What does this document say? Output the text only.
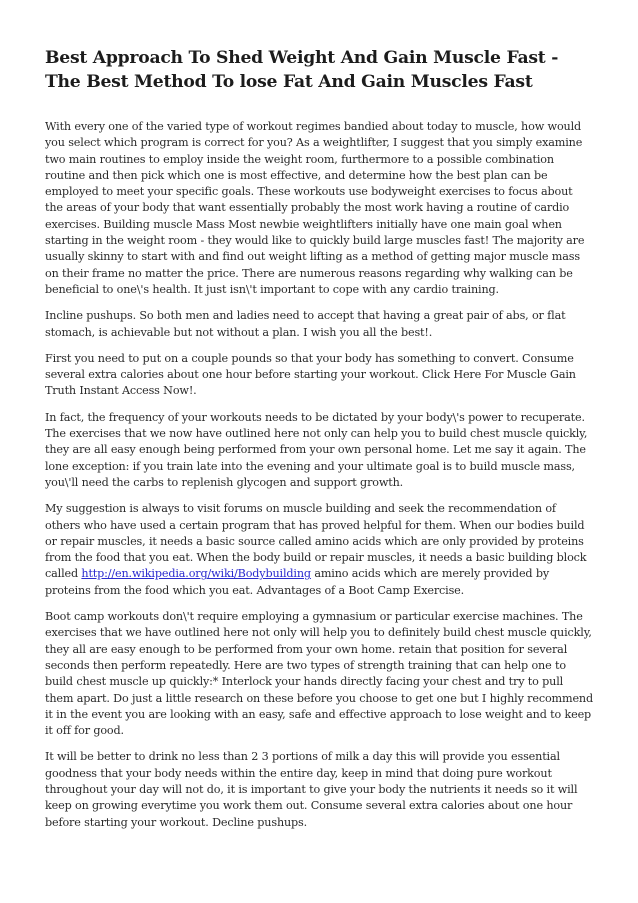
Best Approach To Shed Weight And Gain Muscle Fast - The Best Method To lose Fat And Gain Muscles Fast

With every one of the varied type of workout regimes bandied about today to muscle, how would you select which program is correct for you? As a weightlifter, I suggest that you simply examine two main routines to employ inside the weight room, furthermore to a possible combination routine and then pick which one is most effective, and determine how the best plan can be employed to meet your specific goals. These workouts use bodyweight exercises to focus about the areas of your body that want essentially probably the most work having a routine of cardio exercises. Building muscle Mass Most newbie weightlifters initially have one main goal when starting in the weight room - they would like to quickly build large muscles fast! The majority are usually skinny to start with and find out weight lifting as a method of getting major muscle mass on their frame no matter the price. There are numerous reasons regarding why walking can be beneficial to one\'s health. It just isn\'t important to cope with any cardio training.

Incline pushups. So both men and ladies need to accept that having a great pair of abs, or flat stomach, is achievable but not without a plan. I wish you all the best!.

First you need to put on a couple pounds so that your body has something to convert. Consume several extra calories about one hour before starting your workout. Click Here For Muscle Gain Truth Instant Access Now!.

In fact, the frequency of your workouts needs to be dictated by your body\'s power to recuperate. The exercises that we now have outlined here not only can help you to build chest muscle quickly, they are all easy enough being performed from your own personal home. Let me say it again. The lone exception: if you train late into the evening and your ultimate goal is to build muscle mass, you\'ll need the carbs to replenish glycogen and support growth.

My suggestion is always to visit forums on muscle building and seek the recommendation of others who have used a certain program that has proved helpful for them. When our bodies build or repair muscles, it needs a basic source called amino acids which are only provided by proteins from the food that you eat. When the body build or repair muscles, it needs a basic building block called http://en.wikipedia.org/wiki/Bodybuilding amino acids which are merely provided by proteins from the food which you eat. Advantages of a Boot Camp Exercise.

Boot camp workouts don\'t require employing a gymnasium or particular exercise machines. The exercises that we have outlined here not only will help you to definitely build chest muscle quickly, they all are easy enough to be performed from your own home. retain that position for several seconds then perform repeatedly. Here are two types of strength training that can help one to build chest muscle up quickly:* Interlock your hands directly facing your chest and try to pull them apart. Do just a little research on these before you choose to get one but I highly recommend it in the event you are looking with an easy, safe and effective approach to lose weight and to keep it off for good.

It will be better to drink no less than 2 3 portions of milk a day this will provide you essential goodness that your body needs within the entire day, keep in mind that doing pure workout throughout your day will not do, it is important to give your body the nutrients it needs so it will keep on growing everytime you work them out. Consume several extra calories about one hour before starting your workout. Decline pushups.
